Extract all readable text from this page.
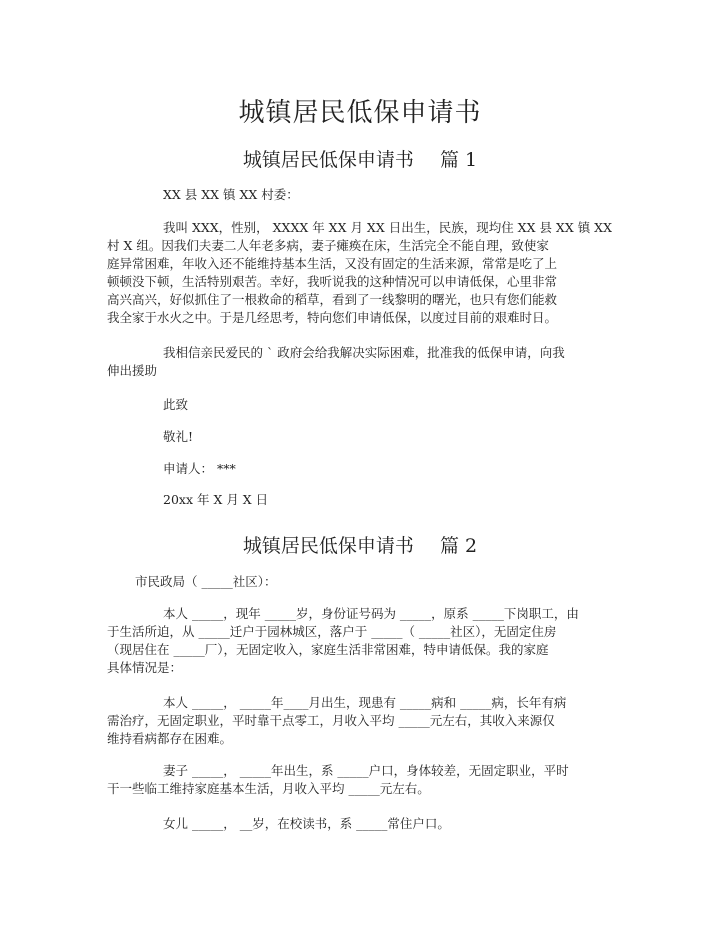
城镇居民低保申请书
城镇居民低保申请书 篇 1

XX 县 XX 镇 XX 村委：

我叫 XXX，性别， XXXX 年 XX 月 XX 日出生，民族，现均住 XX 县 XX 镇 XX
村 X 组。因我们夫妻二人年老多病，妻子瘫痪在床，生活完全不能自理，致使家
庭异常困难，年收入还不能维持基本生活，又没有固定的生活来源，常常是吃了上
顿顿没下顿，生活特别艰苦。幸好，我听说我的这种情况可以申请低保，心里非常
高兴高兴，好似抓住了一根救命的稻草，看到了一线黎明的曙光，也只有您们能救
我全家于水火之中。于是几经思考，特向您们申请低保，以度过目前的艰难时日。
我相信亲民爱民的 ` 政府会给我解决实际困难，批准我的低保申请，向我
伸出援助

此致

敬礼!

申请人： ***

20xx 年 X 月 X 日

城镇居民低保申请书 篇 2

市民政局（ _____社区）：

本人 _____，现年 _____岁，身份证号码为 _____，原系 _____下岗职工，由
于生活所迫，从 _____迁户于园林城区，落户于 _____（ _____社区），无固定住房
（现居住在 _____厂），无固定收入，家庭生活非常困难，特申请低保。我的家庭
具体情况是：
本人 _____， _____年____月出生，现患有 _____病和 _____病，长年有病
需治疗，无固定职业，平时靠干点零工，月收入平均 _____元左右，其收入来源仅
维持看病都存在困难。
妻子 _____， _____年出生，系 _____户口，身体较差，无固定职业，平时
干一些临工维持家庭基本生活，月收入平均 _____元左右。

女儿 _____， __岁，在校读书，系 _____常住户口。
